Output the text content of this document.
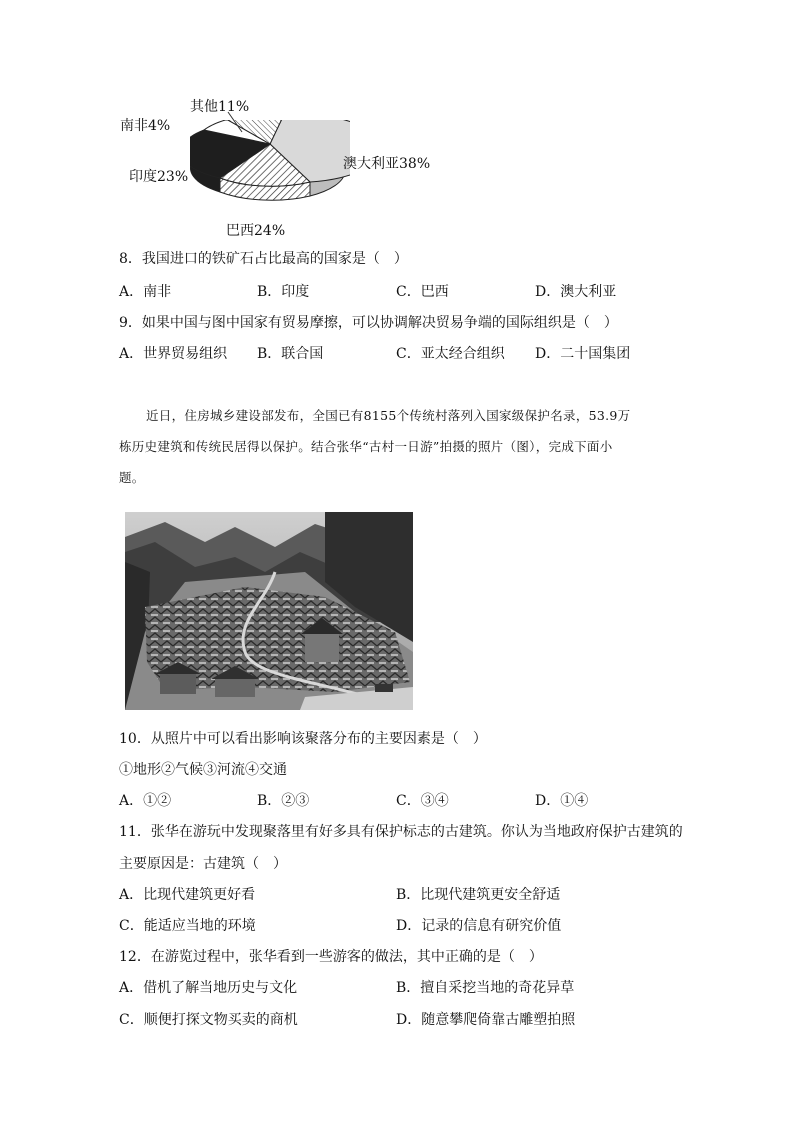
其他11%
南非4%
印度23%
澳大利亚38%
巴西24%
8．我国进口的铁矿石占比最高的国家是（　）
A．南非	B．印度	C．巴西	D．澳大利亚
9．如果中国与图中国家有贸易摩擦，可以协调解决贸易争端的国际组织是（　）
A．世界贸易组织 B．联合国	C．亚太经合组织 D．二十国集团
近日，住房城乡建设部发布，全国已有8155个传统村落列入国家级保护名录，53.9万
栋历史建筑和传统民居得以保护。结合张华“古村一日游”拍摄的照片（图），完成下面小
题。
10．从照片中可以看出影响该聚落分布的主要因素是（　）
①地形②气候③河流④交通
A．①②	B．②③	C．③④	D．①④
11．张华在游玩中发现聚落里有好多具有保护标志的古建筑。你认为当地政府保护古建筑的
主要原因是：古建筑（　）
A．比现代建筑更好看	B．比现代建筑更安全舒适
C．能适应当地的环境	D．记录的信息有研究价值
12．在游览过程中，张华看到一些游客的做法，其中正确的是（　）
A．借机了解当地历史与文化	B．擅自采挖当地的奇花异草
C．顺便打探文物买卖的商机	D．随意攀爬倚靠古雕塑拍照
